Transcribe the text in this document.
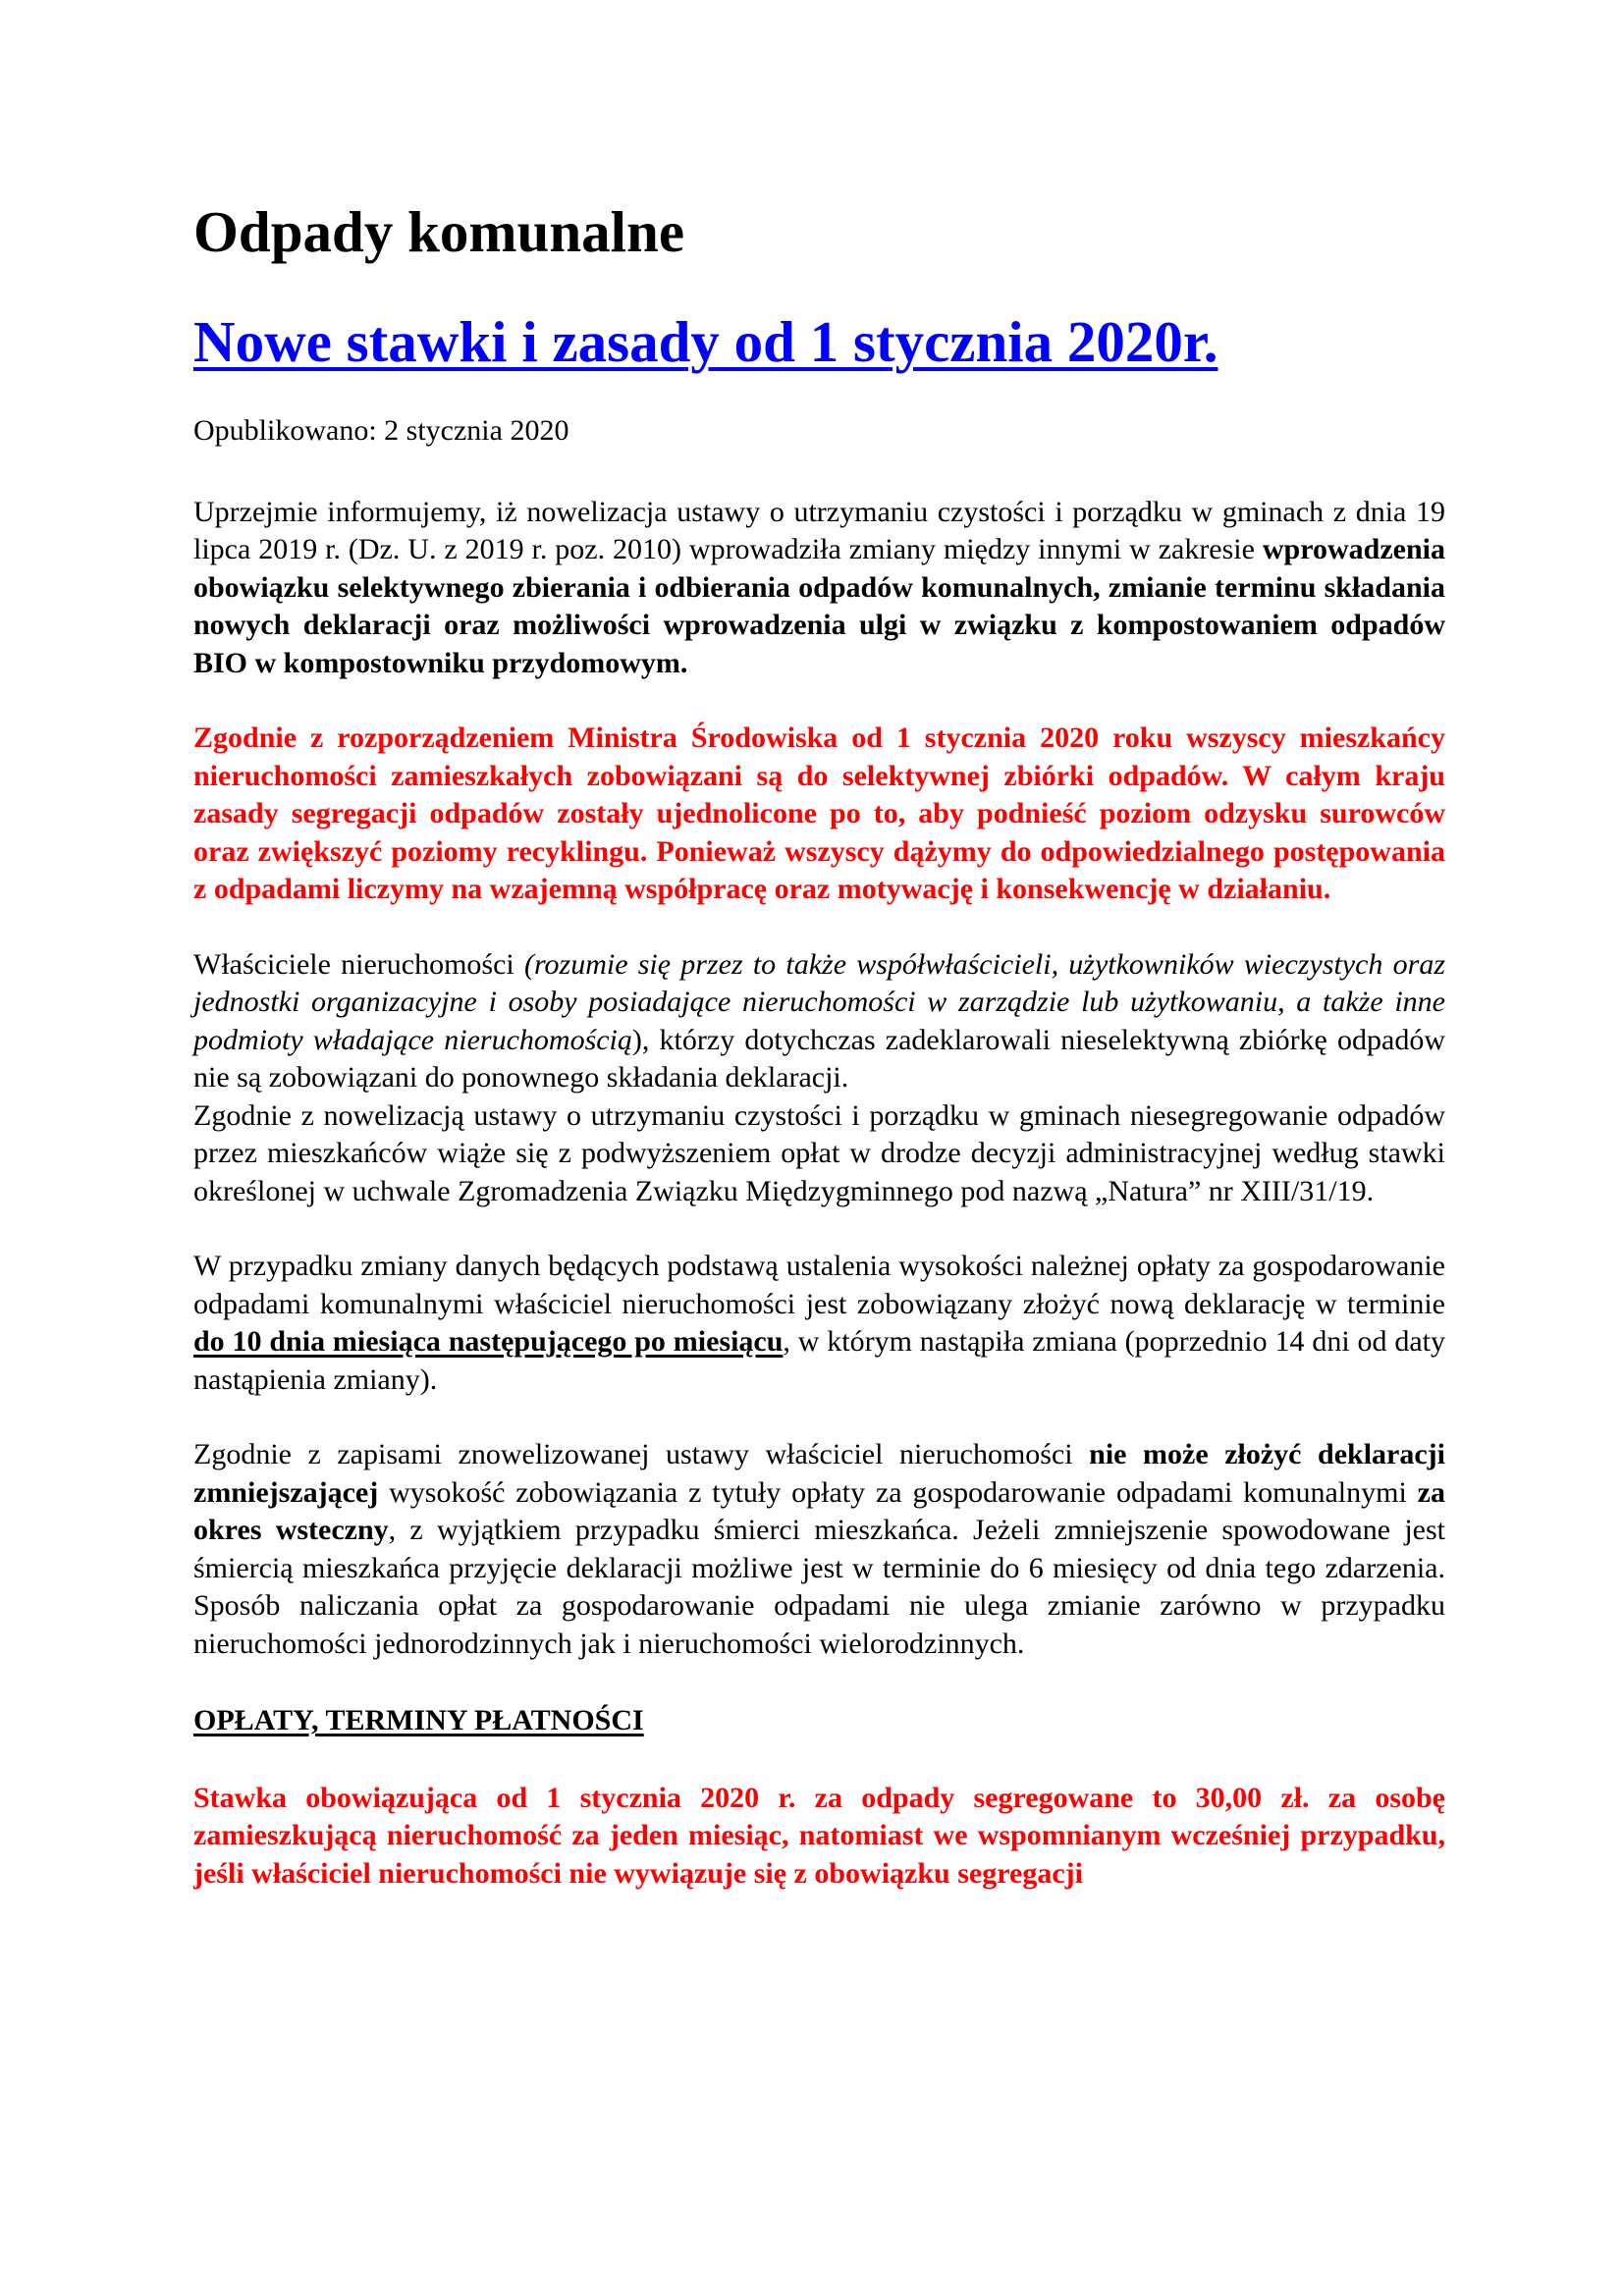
Odpady komunalne
Nowe stawki i zasady od 1 stycznia 2020r.

Opublikowano: 2 stycznia 2020

Uprzejmie informujemy, iż nowelizacja ustawy o utrzymaniu czystości i porządku w gminach z dnia 19 lipca 2019 r. (Dz. U. z 2019 r. poz. 2010) wprowadziła zmiany między innymi w zakresie wprowadzenia obowiązku selektywnego zbierania i odbierania odpadów komunalnych, zmianie terminu składania nowych deklaracji oraz możliwości wprowadzenia ulgi w związku z kompostowaniem odpadów BIO w kompostowniku przydomowym.

Zgodnie z rozporządzeniem Ministra Środowiska od 1 stycznia 2020 roku wszyscy mieszkańcy nieruchomości zamieszkałych zobowiązani są do selektywnej zbiórki odpadów. W całym kraju zasady segregacji odpadów zostały ujednolicone po to, aby podnieść poziom odzysku surowców oraz zwiększyć poziomy recyklingu. Ponieważ wszyscy dążymy do odpowiedzialnego postępowania z odpadami liczymy na wzajemną współpracę oraz motywację i konsekwencję w działaniu.

Właściciele nieruchomości (rozumie się przez to także współwłaścicieli, użytkowników wieczystych oraz jednostki organizacyjne i osoby posiadające nieruchomości w zarządzie lub użytkowaniu, a także inne podmioty władające nieruchomością), którzy dotychczas zadeklarowali nieselektywną zbiórkę odpadów nie są zobowiązani do ponownego składania deklaracji.

Zgodnie z nowelizacją ustawy o utrzymaniu czystości i porządku w gminach niesegregowanie odpadów przez mieszkańców wiąże się z podwyższeniem opłat w drodze decyzji administracyjnej według stawki określonej w uchwale Zgromadzenia Związku Międzygminnego pod nazwą „Natura” nr XIII/31/19.

W przypadku zmiany danych będących podstawą ustalenia wysokości należnej opłaty za gospodarowanie odpadami komunalnymi właściciel nieruchomości jest zobowiązany złożyć nową deklarację w terminie do 10 dnia miesiąca następującego po miesiącu, w którym nastąpiła zmiana (poprzednio 14 dni od daty nastąpienia zmiany).

Zgodnie z zapisami znowelizowanej ustawy właściciel nieruchomości nie może złożyć deklaracji zmniejszającej wysokość zobowiązania z tytuły opłaty za gospodarowanie odpadami komunalnymi za okres wsteczny, z wyjątkiem przypadku śmierci mieszkańca. Jeżeli zmniejszenie spowodowane jest śmiercią mieszkańca przyjęcie deklaracji możliwe jest w terminie do 6 miesięcy od dnia tego zdarzenia. Sposób naliczania opłat za gospodarowanie odpadami nie ulega zmianie zarówno w przypadku nieruchomości jednorodzinnych jak i nieruchomości wielorodzinnych.

OPŁATY, TERMINY PŁATNOŚCI

Stawka obowiązująca od 1 stycznia 2020 r. za odpady segregowane to 30,00 zł. za osobę zamieszkującą nieruchomość za jeden miesiąc, natomiast we wspomnianym wcześniej przypadku, jeśli właściciel nieruchomości nie wywiązuje się z obowiązku segregacji
